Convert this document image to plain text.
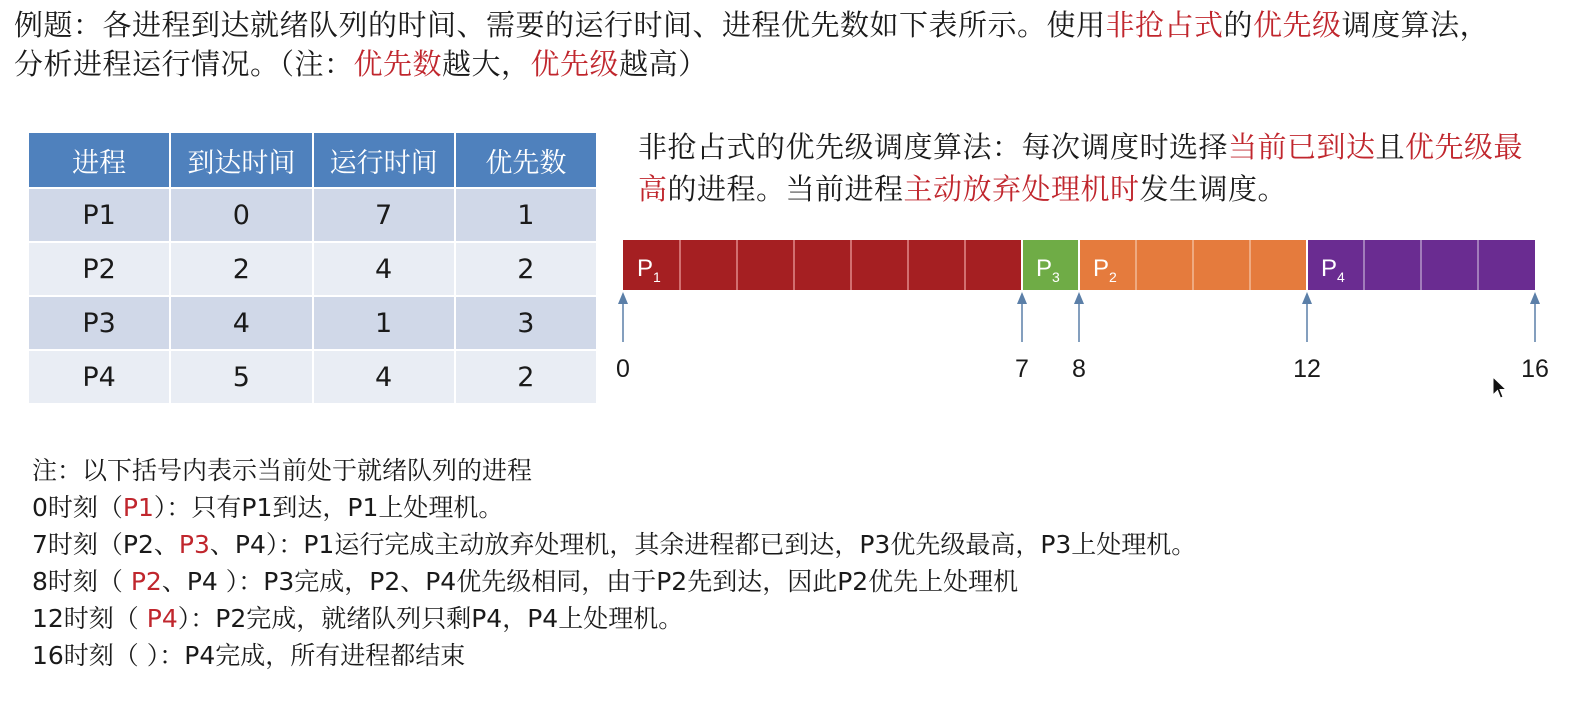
例题：各进程到达就绪队列的时间、需要的运行时间、进程优先数如下表所示。使用非抢占式的优先级调度算法，分析进程运行情况。（注：优先数越大，优先级越高）
进程	到达时间	运行时间	优先数
P1	0	7	1
P2	2	4	2
P3	4	1	3
P4	5	4	2
非抢占式的优先级调度算法：每次调度时选择当前已到达且优先级最高的进程。当前进程主动放弃处理机时发生调度。
$P_1$	$P_3$ $P_2$	$P_4$
0	7 8	12	16
注：以下括号内表示当前处于就绪队列的进程
0时刻（P1）：只有P1到达，P1上处理机。
7时刻（P2、P3、P4）：P1运行完成主动放弃处理机，其余进程都已到达，P3优先级最高，P3上处理机。
8时刻（ P2、P4 ）：P3完成，P2、P4优先级相同，由于P2先到达，因此P2优先上处理机
12时刻（ P4）：P2完成，就绪队列只剩P4，P4上处理机。
16时刻（ ）：P4完成，所有进程都结束
